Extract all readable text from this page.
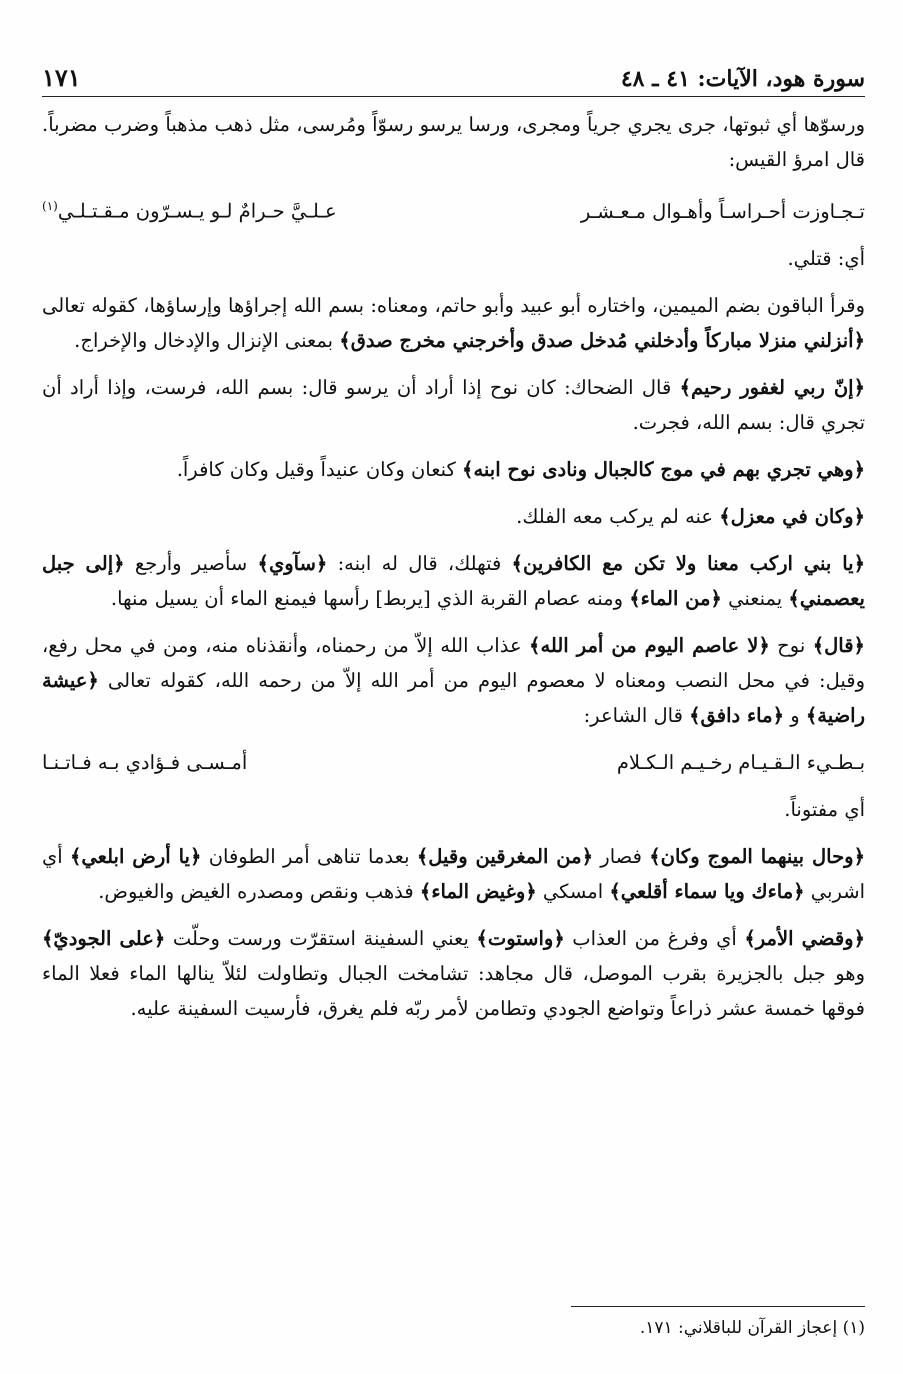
سورة هود، الآيات: ٤١ ـ ٤٨
١٧١

ورسوّها أي ثبوتها، جرى يجري جرياً ومجرى، ورسا يرسو رسوّاً ومُرسى، مثل ذهب مذهباً وضرب مضرباً. قال امرؤ القيس:

تـجـاوزت أحـراسـاً وأهـوال مـعـشـر
عـلـيَّ حـرامٌ لـو يـسـرّون مـقـتـلـي$^{(١)}$

أي: قتلي.

وقرأ الباقون بضم الميمين، واختاره أبو عبيد وأبو حاتم، ومعناه: بسم الله إجراؤها وإرساؤها، كقوله تعالى ﴿أنزلني منزلا مباركاً وأدخلني مُدخل صدق وأخرجني مخرج صدق﴾ بمعنى الإنزال والإدخال والإخراج.

﴿إنّ ربي لغفور رحيم﴾ قال الضحاك: كان نوح إذا أراد أن يرسو قال: بسم الله، فرست، وإذا أراد أن تجري قال: بسم الله، فجرت.

﴿وهي تجري بهم في موج كالجبال ونادى نوح ابنه﴾ كنعان وكان عنيداً وقيل وكان كافراً.

﴿وكان في معزل﴾ عنه لم يركب معه الفلك.

﴿يا بني اركب معنا ولا تكن مع الكافرين﴾ فتهلك، قال له ابنه: ﴿سآوي﴾ سأصير وأرجع ﴿إلى جبل يعصمني﴾ يمنعني ﴿من الماء﴾ ومنه عصام القربة الذي [يربط] رأسها فيمنع الماء أن يسيل منها.

﴿قال﴾ نوح ﴿لا عاصم اليوم من أمر الله﴾ عذاب الله إلاّ من رحمناه، وأنقذناه منه، ومن في محل رفع، وقيل: في محل النصب ومعناه لا معصوم اليوم من أمر الله إلاّ من رحمه الله، كقوله تعالى ﴿عيشة راضية﴾ و ﴿ماء دافق﴾ قال الشاعر:

بـطـيء الـقـيـام رخـيـم الـكـلام
أمـسـى فـؤادي بـه فـاتـنـا

أي مفتوناً.

﴿وحال بينهما الموج وكان﴾ فصار ﴿من المغرقين وقيل﴾ بعدما تناهى أمر الطوفان ﴿يا أرض ابلعي﴾ أي اشربي ﴿ماءك ويا سماء أقلعي﴾ امسكي ﴿وغيض الماء﴾ فذهب ونقص ومصدره الغيض والغيوض.

﴿وقضي الأمر﴾ أي وفرغ من العذاب ﴿واستوت﴾ يعني السفينة استقرّت ورست وحلّت ﴿على الجوديّ﴾ وهو جبل بالجزيرة بقرب الموصل، قال مجاهد: تشامخت الجبال وتطاولت لئلاّ ينالها الماء فعلا الماء فوقها خمسة عشر ذراعاً وتواضع الجودي وتطامن لأمر ربّه فلم يغرق، فأرسيت السفينة عليه.

(١) إعجاز القرآن للباقلاني: ١٧١.
